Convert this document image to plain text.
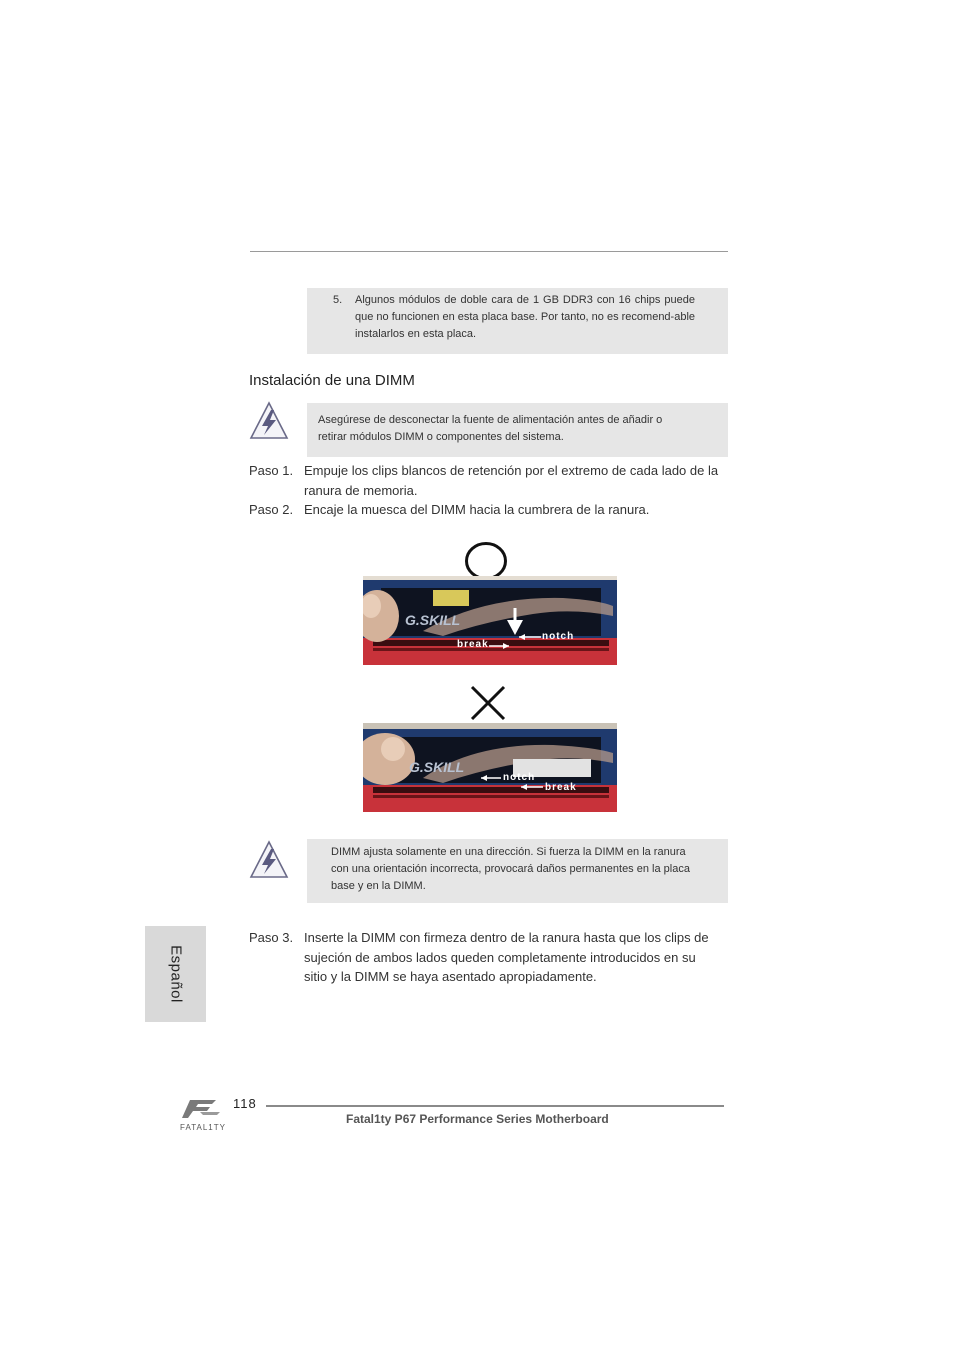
5. Algunos módulos de doble cara de 1 GB DDR3 con 16 chips puede que no funcionen en esta placa base. Por tanto, no es recomend-able instalarlos en esta placa.
Instalación de una DIMM
Asegúrese de desconectar la fuente de alimentación antes de añadir o retirar módulos DIMM o componentes del sistema.
Paso 1. Empuje los clips blancos de retención por el extremo de cada lado de la ranura de memoria.
Paso 2. Encaje la muesca del DIMM hacia la cumbrera de la ranura.
G.SKILL
notch
break
G.SKILL
notch
break
DIMM ajusta solamente en una dirección. Si fuerza la DIMM en la ranura con una orientación incorrecta, provocará daños permanentes en la placa base y en la DIMM.
Paso 3. Inserte la DIMM con firmeza dentro de la ranura hasta que los clips de sujeción de ambos lados queden completamente introducidos en su sitio y la DIMM se haya asentado apropiadamente.
Español
FATAL1TY
118
Fatal1ty P67 Performance Series Motherboard
